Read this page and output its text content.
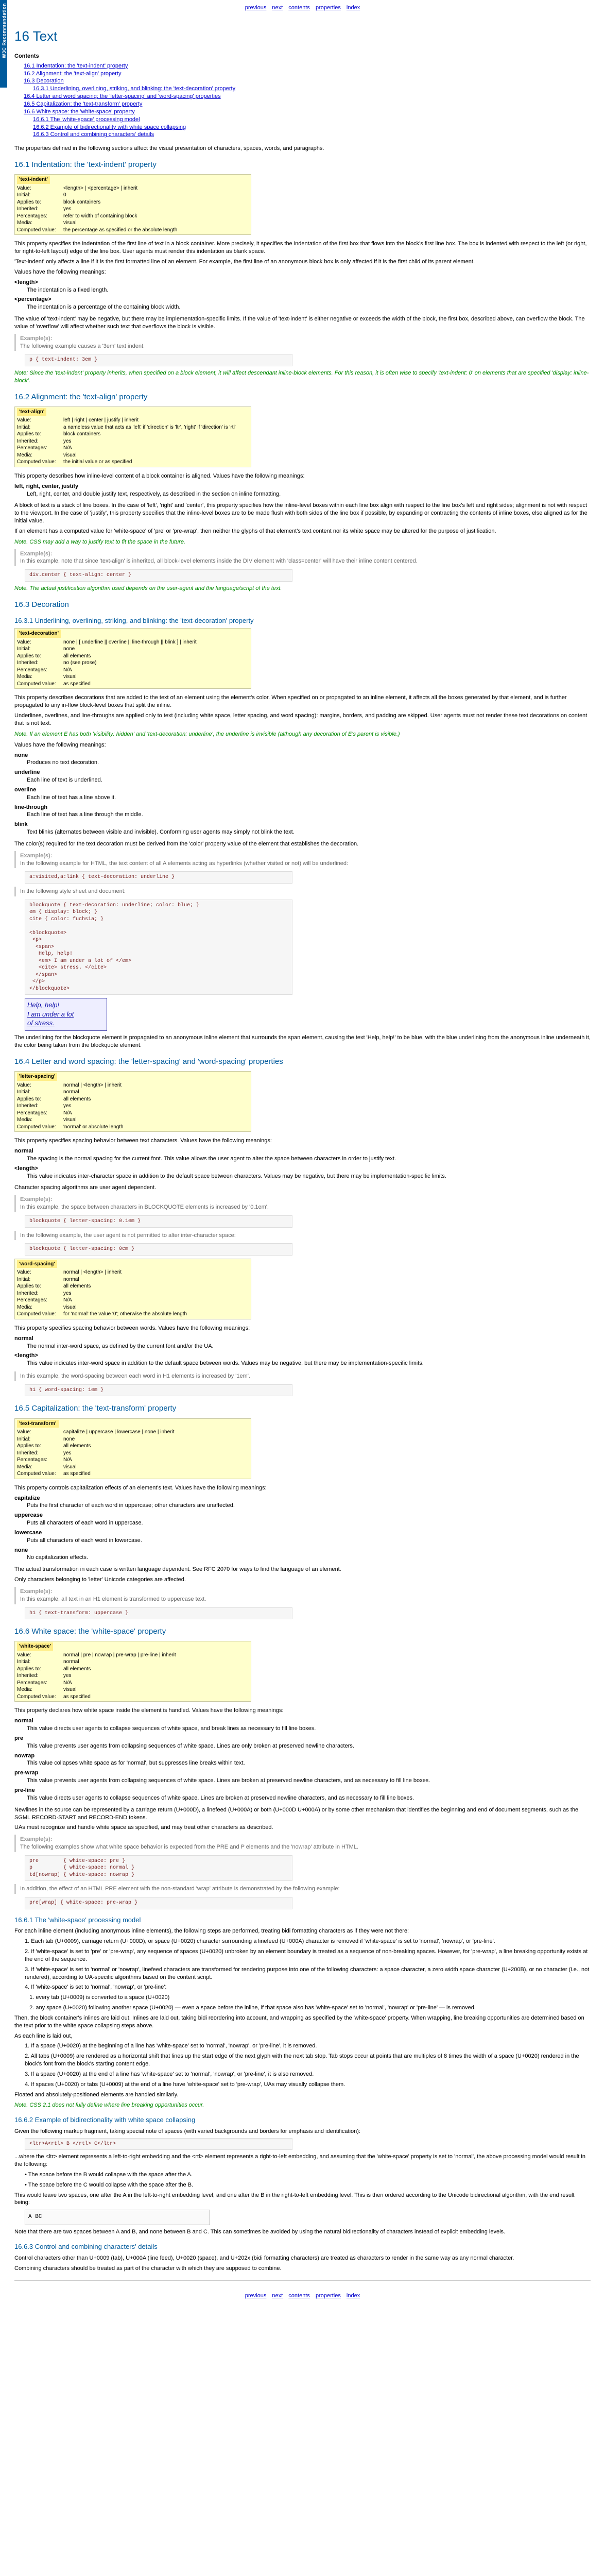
W3C Recommendation	previous next contents properties index
16 Text
Contents
16.1 Indentation: the 'text-indent' property
16.2 Alignment: the 'text-align' property
16.3 Decoration
16.3.1 Underlining, overlining, striking, and blinking: the 'text-decoration' property
16.4 Letter and word spacing: the 'letter-spacing' and 'word-spacing' properties
16.5 Capitalization: the 'text-transform' property
16.6 White space: the 'white-space' property
16.6.1 The 'white-space' processing model
16.6.2 Example of bidirectionality with white space collapsing
16.6.3 Control and combining characters' details

The properties defined in the following sections affect the visual presentation of characters, spaces, words, and paragraphs.

16.1 Indentation: the 'text-indent' property
'text-indent'
Value:	<length> | <percentage> | inherit
Initial:	0
Applies to:	block containers
Inherited:	yes
Percentages:	refer to width of containing block
Media:	visual
Computed value:	the percentage as specified or the absolute length

This property specifies the indentation of the first line of text in a block container. More precisely, it specifies the indentation of the first box that flows into the block's first line box. The box is indented with respect to the left (or right, for right-to-left layout) edge of the line box. User agents must render this indentation as blank space.

'Text-indent' only affects a line if it is the first formatted line of an element. For example, the first line of an anonymous block box is only affected if it is the first child of its parent element.

Values have the following meanings:

<length>
The indentation is a fixed length.
<percentage>
The indentation is a percentage of the containing block width.

The value of 'text-indent' may be negative, but there may be implementation-specific limits. If the value of 'text-indent' is either negative or exceeds the width of the block, the first box, described above, can overflow the block. The value of 'overflow' will affect whether such text that overflows the block is visible.

Example(s):
The following example causes a '3em' text indent.
p { text-indent: 3em }

Note: Since the 'text-indent' property inherits, when specified on a block element, it will affect descendant inline-block elements. For this reason, it is often wise to specify 'text-indent: 0' on elements that are specified 'display: inline-block'.

16.2 Alignment: the 'text-align' property
'text-align'
Value:	left | right | center | justify | inherit
Initial:	a nameless value that acts as 'left' if 'direction' is 'ltr', 'right' if 'direction' is 'rtl'
Applies to:	block containers
Inherited:	yes
Percentages:	N/A
Media:	visual
Computed value:	the initial value or as specified

This property describes how inline-level content of a block container is aligned. Values have the following meanings:

left, right, center, justify
Left, right, center, and double justify text, respectively, as described in the section on inline formatting.

A block of text is a stack of line boxes. In the case of 'left', 'right' and 'center', this property specifies how the inline-level boxes within each line box align with respect to the line box's left and right sides; alignment is not with respect to the viewport. In the case of 'justify', this property specifies that the inline-level boxes are to be made flush with both sides of the line box if possible, by expanding or contracting the contents of inline boxes, else aligned as for the initial value.

If an element has a computed value for 'white-space' of 'pre' or 'pre-wrap', then neither the glyphs of that element's text content nor its white space may be altered for the purpose of justification.

Note. CSS may add a way to justify text to fit the space in the future.

Example(s):
In this example, note that since 'text-align' is inherited, all block-level elements inside the DIV element with 'class=center' will have their inline content centered.
div.center { text-align: center }

Note. The actual justification algorithm used depends on the user-agent and the language/script of the text.

16.3 Decoration
16.3.1 Underlining, overlining, striking, and blinking: the 'text-decoration' property
'text-decoration'
Value:	none | [ underline || overline || line-through || blink ] | inherit
Initial:	none
Applies to:	all elements
Inherited:	no (see prose)
Percentages:	N/A
Media:	visual
Computed value:	as specified

This property describes decorations that are added to the text of an element using the element's color. When specified on or propagated to an inline element, it affects all the boxes generated by that element, and is further propagated to any in-flow block-level boxes that split the inline.

Underlines, overlines, and line-throughs are applied only to text (including white space, letter spacing, and word spacing): margins, borders, and padding are skipped. User agents must not render these text decorations on content that is not text.

Note. If an element E has both 'visibility: hidden' and 'text-decoration: underline', the underline is invisible (although any decoration of E's parent is visible.)

Values have the following meanings:

none
Produces no text decoration.
underline
Each line of text is underlined.
overline
Each line of text has a line above it.
line-through
Each line of text has a line through the middle.
blink
Text blinks (alternates between visible and invisible). Conforming user agents may simply not blink the text.

The color(s) required for the text decoration must be derived from the 'color' property value of the element that establishes the decoration.

Example(s):
In the following example for HTML, the text content of all A elements acting as hyperlinks (whether visited or not) will be underlined:
a:visited,a:link { text-decoration: underline }
In the following style sheet and document:
blockquote { text-decoration: underline; color: blue; }
em { display: block; }
cite { color: fuchsia; }

<blockquote>
<p>
<span>
Help, help!
<em> I am under a lot of </em>
<cite> stress. </cite>
</span>
</p>
</blockquote>
Help, help!
I am under a lot
of stress.

The underlining for the blockquote element is propagated to an anonymous inline element that surrounds the span element, causing the text 'Help, help!' to be blue, with the blue underlining from the anonymous inline underneath it, the color being taken from the blockquote element.

16.4 Letter and word spacing: the 'letter-spacing' and 'word-spacing' properties
'letter-spacing'
Value:	normal | <length> | inherit
Initial:	normal
Applies to:	all elements
Inherited:	yes
Percentages:	N/A
Media:	visual
Computed value:	'normal' or absolute length

This property specifies spacing behavior between text characters. Values have the following meanings:

normal
The spacing is the normal spacing for the current font. This value allows the user agent to alter the space between characters in order to justify text.
<length>
This value indicates inter-character space in addition to the default space between characters. Values may be negative, but there may be implementation-specific limits.

Character spacing algorithms are user agent dependent.

Example(s):
In this example, the space between characters in BLOCKQUOTE elements is increased by '0.1em'.
blockquote { letter-spacing: 0.1em }
In the following example, the user agent is not permitted to alter inter-character space:
blockquote { letter-spacing: 0cm }
'word-spacing'
Value:	normal | <length> | inherit
Initial:	normal
Applies to:	all elements
Inherited:	yes
Percentages:	N/A
Media:	visual
Computed value:	for 'normal' the value '0'; otherwise the absolute length

This property specifies spacing behavior between words. Values have the following meanings:

normal
The normal inter-word space, as defined by the current font and/or the UA.
<length>
This value indicates inter-word space in addition to the default space between words. Values may be negative, but there may be implementation-specific limits.
In this example, the word-spacing between each word in H1 elements is increased by '1em'.
h1 { word-spacing: 1em }
16.5 Capitalization: the 'text-transform' property
'text-transform'
Value:	capitalize | uppercase | lowercase | none | inherit
Initial:	none
Applies to:	all elements
Inherited:	yes
Percentages:	N/A
Media:	visual
Computed value:	as specified

This property controls capitalization effects of an element's text. Values have the following meanings:

capitalize
Puts the first character of each word in uppercase; other characters are unaffected.
uppercase
Puts all characters of each word in uppercase.
lowercase
Puts all characters of each word in lowercase.
none
No capitalization effects.

The actual transformation in each case is written language dependent. See RFC 2070 for ways to find the language of an element.

Only characters belonging to 'letter' Unicode categories are affected.

Example(s):
In this example, all text in an H1 element is transformed to uppercase text.
h1 { text-transform: uppercase }
16.6 White space: the 'white-space' property
'white-space'
Value:	normal | pre | nowrap | pre-wrap | pre-line | inherit
Initial:	normal
Applies to:	all elements
Inherited:	yes
Percentages:	N/A
Media:	visual
Computed value:	as specified

This property declares how white space inside the element is handled. Values have the following meanings:

normal
This value directs user agents to collapse sequences of white space, and break lines as necessary to fill line boxes.
pre
This value prevents user agents from collapsing sequences of white space. Lines are only broken at preserved newline characters.
nowrap
This value collapses white space as for 'normal', but suppresses line breaks within text.
pre-wrap
This value prevents user agents from collapsing sequences of white space. Lines are broken at preserved newline characters, and as necessary to fill line boxes.
pre-line
This value directs user agents to collapse sequences of white space. Lines are broken at preserved newline characters, and as necessary to fill line boxes.

Newlines in the source can be represented by a carriage return (U+000D), a linefeed (U+000A) or both (U+000D U+000A) or by some other mechanism that identifies the beginning and end of document segments, such as the SGML RECORD-START and RECORD-END tokens.

UAs must recognize and handle white space as specified, and may treat other characters as described.

Example(s):
The following examples show what white space behavior is expected from the PRE and P elements and the 'nowrap' attribute in HTML.
pre        { white-space: pre }
p          { white-space: normal }
td[nowrap] { white-space: nowrap }
In addition, the effect of an HTML PRE element with the non-standard 'wrap' attribute is demonstrated by the following example:
pre[wrap] { white-space: pre-wrap }
16.6.1 The 'white-space' processing model

For each inline element (including anonymous inline elements), the following steps are performed, treating bidi formatting characters as if they were not there:

1. Each tab (U+0009), carriage return (U+000D), or space (U+0020) character surrounding a linefeed (U+000A) character is removed if 'white-space' is set to 'normal', 'nowrap', or 'pre-line'.

2. If 'white-space' is set to 'pre' or 'pre-wrap', any sequence of spaces (U+0020) unbroken by an element boundary is treated as a sequence of non-breaking spaces. However, for 'pre-wrap', a line breaking opportunity exists at the end of the sequence.

3. If 'white-space' is set to 'normal' or 'nowrap', linefeed characters are transformed for rendering purpose into one of the following characters: a space character, a zero width space character (U+200B), or no character (i.e., not rendered), according to UA-specific algorithms based on the content script.

4. If 'white-space' is set to 'normal', 'nowrap', or 'pre-line':

1. every tab (U+0009) is converted to a space (U+0020)

2. any space (U+0020) following another space (U+0020) — even a space before the inline, if that space also has 'white-space' set to 'normal', 'nowrap' or 'pre-line' — is removed.

Then, the block container's inlines are laid out. Inlines are laid out, taking bidi reordering into account, and wrapping as specified by the 'white-space' property. When wrapping, line breaking opportunities are determined based on the text prior to the white space collapsing steps above.

As each line is laid out,

1. If a space (U+0020) at the beginning of a line has 'white-space' set to 'normal', 'nowrap', or 'pre-line', it is removed.

2. All tabs (U+0009) are rendered as a horizontal shift that lines up the start edge of the next glyph with the next tab stop. Tab stops occur at points that are multiples of 8 times the width of a space (U+0020) rendered in the block's font from the block's starting content edge.

3. If a space (U+0020) at the end of a line has 'white-space' set to 'normal', 'nowrap', or 'pre-line', it is also removed.

4. If spaces (U+0020) or tabs (U+0009) at the end of a line have 'white-space' set to 'pre-wrap', UAs may visually collapse them.

Floated and absolutely-positioned elements are handled similarly.

Note. CSS 2.1 does not fully define where line breaking opportunities occur.

16.6.2 Example of bidirectionality with white space collapsing

Given the following markup fragment, taking special note of spaces (with varied backgrounds and borders for emphasis and identification):

<ltr>A<rtl> B </rtl> C</ltr>

...where the <ltr> element represents a left-to-right embedding and the <rtl> element represents a right-to-left embedding, and assuming that the 'white-space' property is set to 'normal', the above processing model would result in the following:

• The space before the B would collapse with the space after the A.

• The space before the C would collapse with the space after the B.

This would leave two spaces, one after the A in the left-to-right embedding level, and one after the B in the right-to-left embedding level. This is then ordered according to the Unicode bidirectional algorithm, with the end result being:

A BC

Note that there are two spaces between A and B, and none between B and C. This can sometimes be avoided by using the natural bidirectionality of characters instead of explicit embedding levels.

16.6.3 Control and combining characters' details

Control characters other than U+0009 (tab), U+000A (line feed), U+0020 (space), and U+202x (bidi formatting characters) are treated as characters to render in the same way as any normal character.

Combining characters should be treated as part of the character with which they are supposed to combine.

previous next contents properties index
